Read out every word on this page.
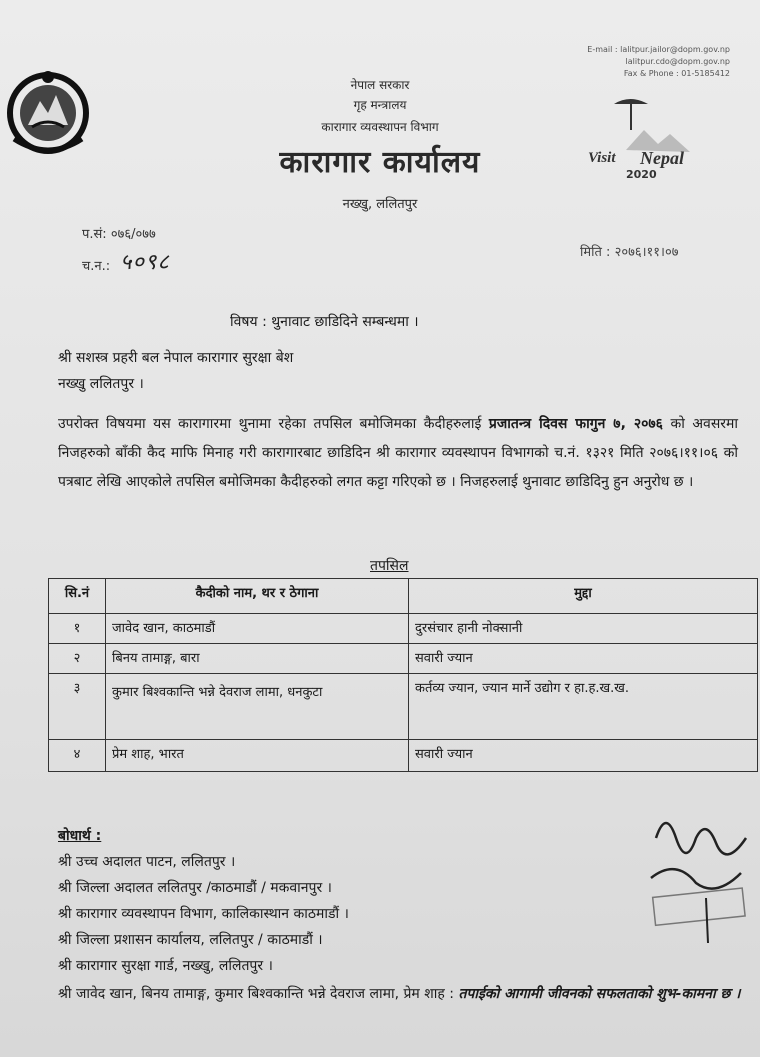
नेपाल सरकार
गृह मन्त्रालय
कारागार व्यवस्थापन विभाग
कारागार कार्यालय
नख्खु, ललितपुर
E-mail : lalitpur.jailor@dopm.gov.np
lalitpur.cdo@dopm.gov.np
Fax & Phone : 01-5185412
Visit Nepal
2020
प.सं: ०७६/०७७
च.न.: ५०९८	मिति : २०७६।११।०७
विषय : थुनावाट छाडिदिने सम्बन्धमा ।
श्री सशस्त्र प्रहरी बल नेपाल कारागार सुरक्षा बेश
नख्खु ललितपुर ।
उपरोक्त विषयमा यस कारागारमा थुनामा रहेका तपसिल बमोजिमका कैदीहरुलाई प्रजातन्त्र दिवस फागुन ७, २०७६ को अवसरमा निजहरुको बाँकी कैद माफि मिनाह गरी कारागारबाट छाडिदिन श्री कारागार व्यवस्थापन विभागको च.नं. १३२१ मिति २०७६।११।०६ को पत्रबाट लेखि आएकोले तपसिल बमोजिमका कैदीहरुको लगत कट्टा गरिएको छ । निजहरुलाई थुनावाट छाडिदिनु हुन अनुरोध छ ।
तपसिल
सि.नं	कैदीको नाम, थर र ठेगाना	मुद्दा
१	जावेद खान, काठमाडौं	दुरसंचार हानी नोक्सानी
२	बिनय तामाङ्ग, बारा	सवारी ज्यान
३	कुमार बिश्वकान्ति भन्ने देवराज लामा, धनकुटा	कर्तव्य ज्यान, ज्यान मार्ने उद्योग र हा.ह.ख.ख.
४	प्रेम शाह, भारत	सवारी ज्यान
बोधार्थ :
श्री उच्च अदालत पाटन, ललितपुर ।
श्री जिल्ला अदालत ललितपुर /काठमाडौं / मकवानपुर ।
श्री कारागार व्यवस्थापन विभाग, कालिकास्थान काठमाडौं ।
श्री जिल्ला प्रशासन कार्यालय, ललितपुर / काठमाडौं ।
श्री कारागार सुरक्षा गार्ड, नख्खु, ललितपुर ।
श्री जावेद खान, बिनय तामाङ्ग, कुमार बिश्वकान्ति भन्ने देवराज लामा, प्रेम शाह : तपाईको आगामी जीवनको सफलताको शुभ-कामना छ ।
